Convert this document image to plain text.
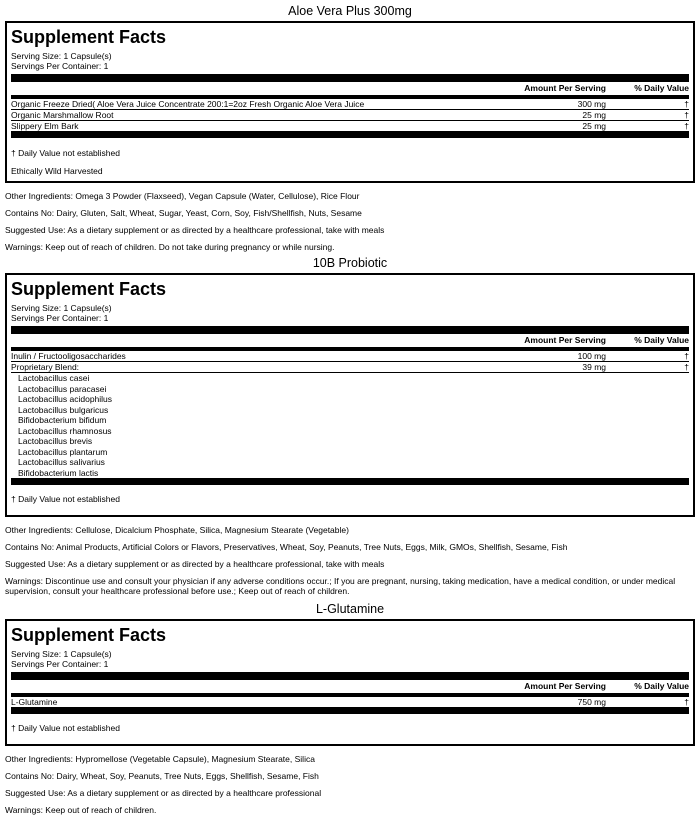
Aloe Vera Plus 300mg
Supplement Facts
Serving Size: 1 Capsule(s)
Servings Per Container: 1
Amount Per Serving	% Daily Value
Organic Freeze Dried( Aloe Vera Juice Concentrate 200:1=2oz Fresh Organic Aloe Vera Juice	300 mg	†
Organic Marshmallow Root	25 mg	†
Slippery Elm Bark	25 mg	†
† Daily Value not established
Ethically Wild Harvested
Other Ingredients: Omega 3 Powder (Flaxseed), Vegan Capsule (Water, Cellulose), Rice Flour
Contains No: Dairy, Gluten, Salt, Wheat, Sugar, Yeast, Corn, Soy, Fish/Shellfish, Nuts, Sesame
Suggested Use: As a dietary supplement or as directed by a healthcare professional, take with meals
Warnings: Keep out of reach of children. Do not take during pregnancy or while nursing.
10B Probiotic
Supplement Facts
Serving Size: 1 Capsule(s)
Servings Per Container: 1
Amount Per Serving	% Daily Value
Inulin / Fructooligosaccharides	100 mg	†
Proprietary Blend:	39 mg	†
Lactobacillus casei
Lactobacillus paracasei
Lactobacillus acidophilus
Lactobacillus bulgaricus
Bifidobacterium bifidum
Lactobacillus rhamnosus
Lactobacillus brevis
Lactobacillus plantarum
Lactobacillus salivarius
Bifidobacterium lactis
† Daily Value not established
Other Ingredients: Cellulose, Dicalcium Phosphate, Silica, Magnesium Stearate (Vegetable)
Contains No: Animal Products, Artificial Colors or Flavors, Preservatives, Wheat, Soy, Peanuts, Tree Nuts, Eggs, Milk, GMOs, Shellfish, Sesame, Fish
Suggested Use: As a dietary supplement or as directed by a healthcare professional, take with meals
Warnings: Discontinue use and consult your physician if any adverse conditions occur.; If you are pregnant, nursing, taking medication, have a medical condition, or under medical supervision, consult your healthcare professional before use.; Keep out of reach of children.
L-Glutamine
Supplement Facts
Serving Size: 1 Capsule(s)
Servings Per Container: 1
Amount Per Serving	% Daily Value
L-Glutamine	750 mg	†
† Daily Value not established
Other Ingredients: Hypromellose (Vegetable Capsule), Magnesium Stearate, Silica
Contains No: Dairy, Wheat, Soy, Peanuts, Tree Nuts, Eggs, Shellfish, Sesame, Fish
Suggested Use: As a dietary supplement or as directed by a healthcare professional
Warnings: Keep out of reach of children.
